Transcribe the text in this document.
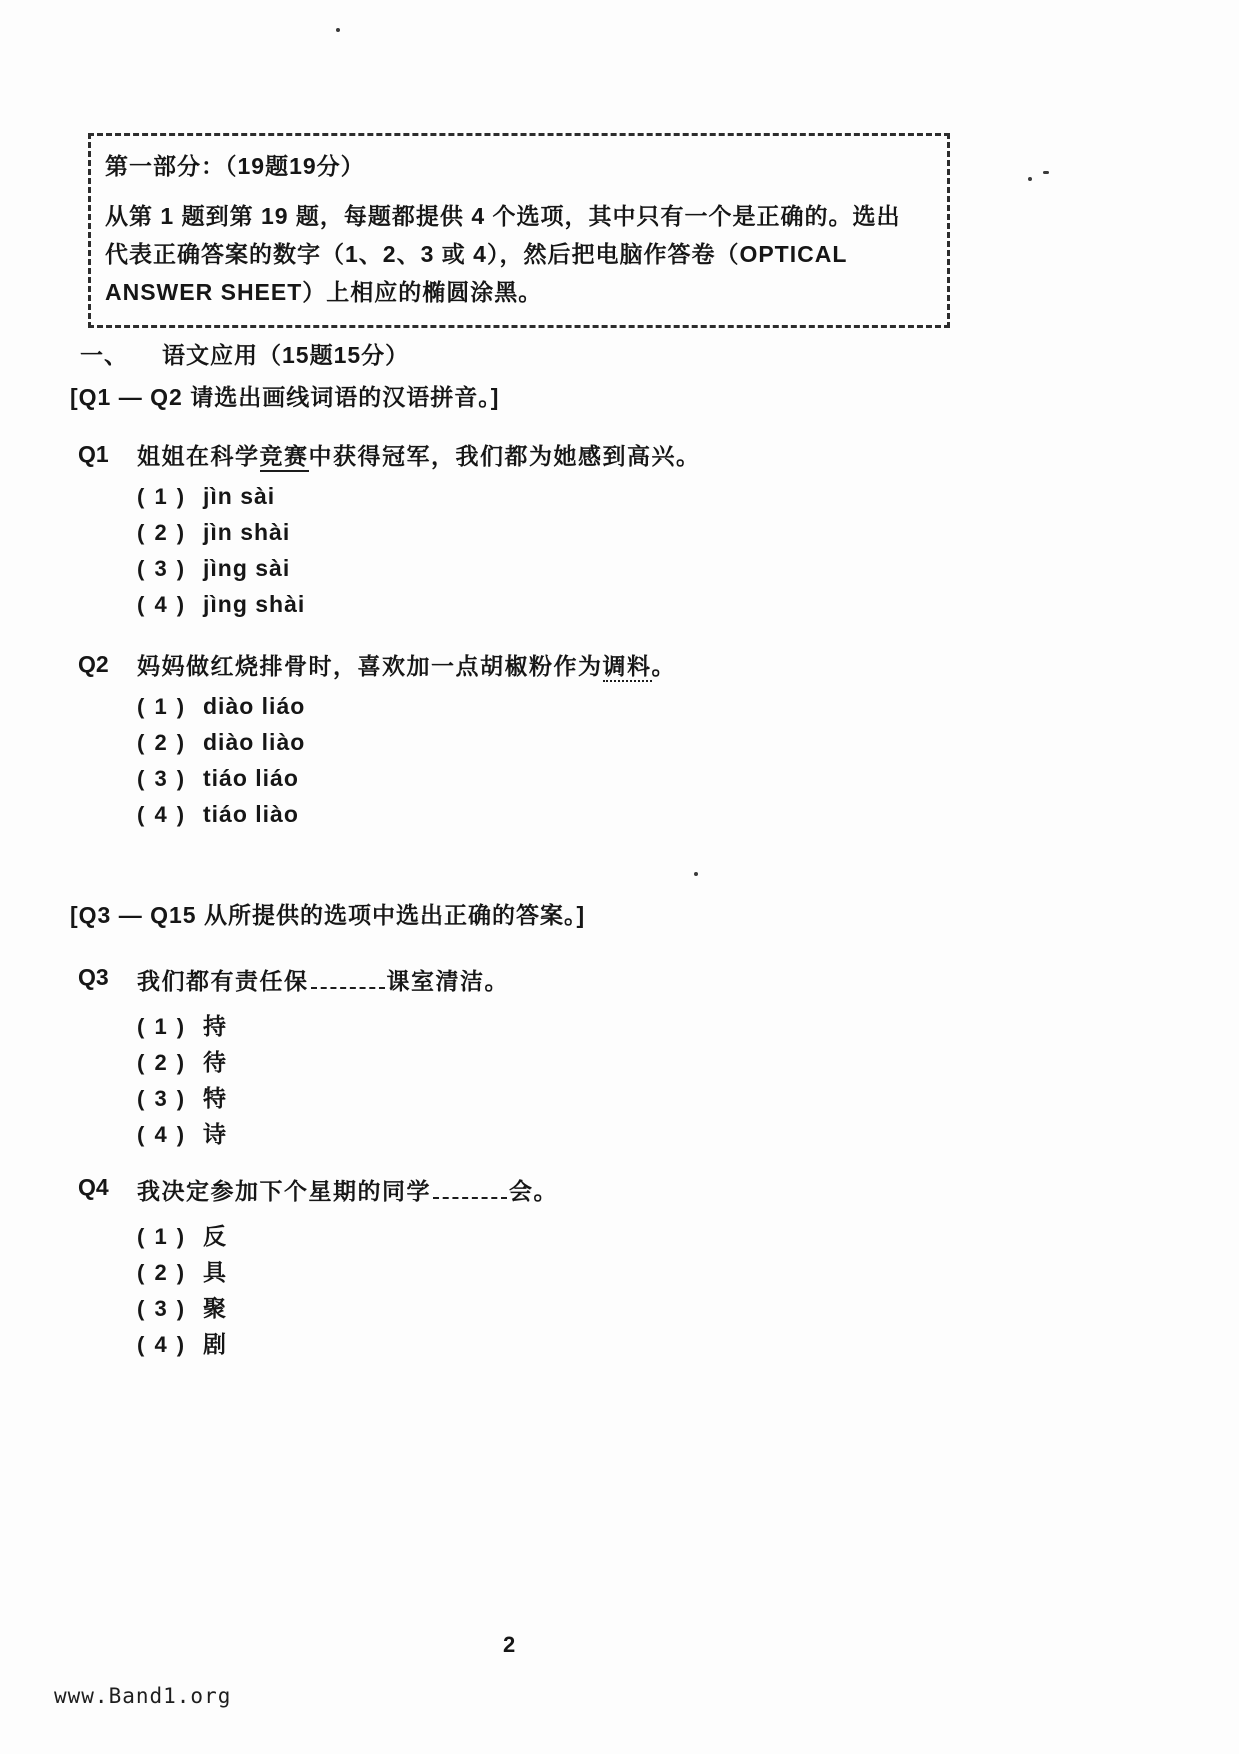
第一部分：（19题19分）
从第 1 题到第 19 题，每题都提供 4 个选项，其中只有一个是正确的。选出
代表正确答案的数字（1、2、3 或 4），然后把电脑作答卷（OPTICAL
ANSWER SHEET）上相应的椭圆涂黑。
一、 语文应用（15题15分）
[Q1 — Q2 请选出画线词语的汉语拼音。]
Q1	姐姐在科学竞赛中获得冠军，我们都为她感到高兴。
( 1 ) jìn sài
( 2 ) jìn shài
( 3 ) jìng sài
( 4 ) jìng shài
Q2	妈妈做红烧排骨时，喜欢加一点胡椒粉作为调料。
( 1 ) diào liáo
( 2 ) diào liào
( 3 ) tiáo liáo
( 4 ) tiáo liào
[Q3 — Q15 从所提供的选项中选出正确的答案。]
Q3	我们都有责任保	课室清洁。
( 1 ) 持
( 2 ) 待
( 3 ) 特
( 4 ) 诗
Q4	我决定参加下个星期的同学	会。
( 1 ) 反
( 2 ) 具
( 3 ) 聚
( 4 ) 剧
2
www.Band1.org
